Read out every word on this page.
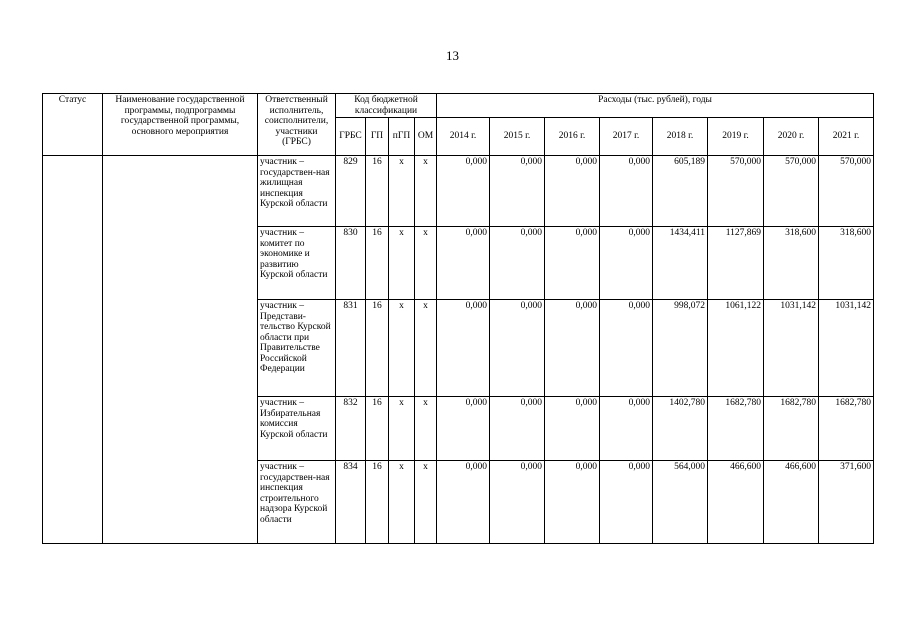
13
Статус	Наименование государственной программы, подпрограммы государственной программы, основного мероприятия	Ответственный исполнитель, соисполнители, участники (ГРБС)	Код бюджетной классификации				Расходы (тыс. рублей), годы							
			ГРБС	ГП	пГП	ОМ	2014 г.	2015 г.	2016 г.	2017 г.	2018 г.	2019 г.	2020 г.	2021 г.
		участник – государствен-ная жилищная инспекция Курской области	829	16	х	х	0,000	0,000	0,000	0,000	605,189	570,000	570,000	570,000
		участник – комитет по экономике и развитию Курской области	830	16	х	х	0,000	0,000	0,000	0,000	1434,411	1127,869	318,600	318,600
		участник – Представи-тельство Курской области при Правительстве Российской Федерации	831	16	х	х	0,000	0,000	0,000	0,000	998,072	1061,122	1031,142	1031,142
		участник – Избирательная комиссия Курской области	832	16	х	х	0,000	0,000	0,000	0,000	1402,780	1682,780	1682,780	1682,780
		участник – государствен-ная инспекция строительного надзора Курской области	834	16	х	х	0,000	0,000	0,000	0,000	564,000	466,600	466,600	371,600
